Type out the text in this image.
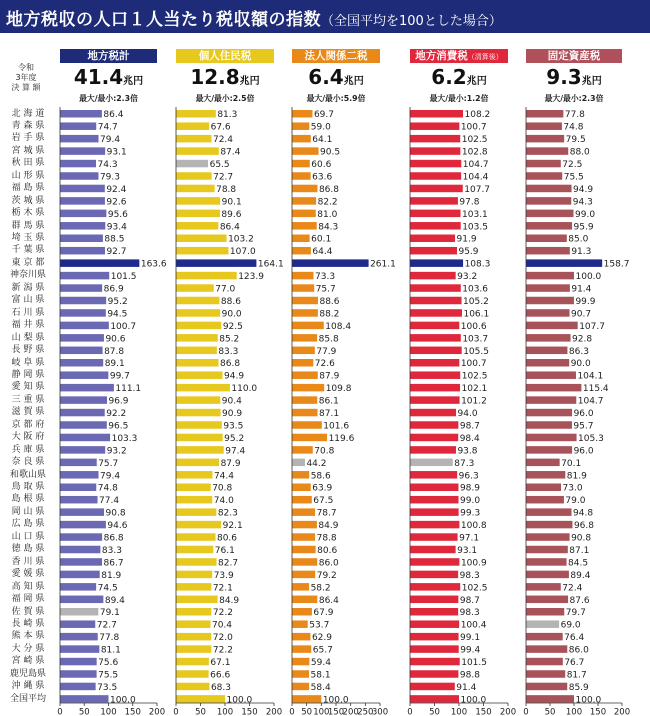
地方税収の人口１人当たり税収額の指数（全国平均を100とした場合）
令和
3年度
決 算 額
地方税計
41.4兆円
最大/最小:2.3倍
個人住民税
12.8兆円
最大/最小:2.5倍
法人関係二税
6.4兆円
最大/最小:5.9倍
地方消費税（清算後）
6.2兆円
最大/最小:1.2倍
固定資産税
9.3兆円
最大/最小:2.3倍
北 海 道
青 森 県
岩 手 県
宮 城 県
秋 田 県
山 形 県
福 島 県
茨 城 県
栃 木 県
群 馬 県
埼 玉 県
千 葉 県
東 京 都
神奈川県
新 潟 県
富 山 県
石 川 県
福 井 県
山 梨 県
長 野 県
岐 阜 県
静 岡 県
愛 知 県
三 重 県
滋 賀 県
京 都 府
大 阪 府
兵 庫 県
奈 良 県
和歌山県
鳥 取 県
島 根 県
岡 山 県
広 島 県
山 口 県
徳 島 県
香 川 県
愛 媛 県
高 知 県
福 岡 県
佐 賀 県
長 崎 県
熊 本 県
大 分 県
宮 崎 県
鹿児島県
沖 縄 県
全国平均
86.4
74.7
79.4
93.1
74.3
79.3
92.4
92.6
95.6
93.4
88.5
92.7
163.6
101.5
86.9
95.2
94.5
100.7
90.6
87.8
89.1
99.7
111.1
96.9
92.2
96.5
103.3
93.2
75.7
79.4
74.8
77.4
90.8
94.6
86.8
83.3
86.7
81.9
74.5
89.4
79.1
72.7
77.8
81.1
75.6
75.5
73.5
100.0
0 50 100 150 200
81.3
67.6
72.4
87.4
65.5
72.7
78.8
90.1
89.6
86.4
103.2
107.0
164.1
123.9
77.0
88.6
90.0
92.5
85.2
83.3
86.8
94.9
110.0
90.4
90.9
93.5
95.2
97.4
87.9
74.4
70.8
74.0
82.3
92.1
80.6
76.1
82.7
73.9
72.1
84.9
72.2
70.4
72.0
72.2
67.1
66.6
68.3
100.0
0 50 100 150 200
69.7
59.0
64.1
90.5
60.6
63.6
86.8
82.2
81.0
84.3
60.1
64.4
261.1
73.3
75.7
88.6
88.2
108.4
85.8
77.9
72.6
87.9
109.8
86.1
87.1
101.6
119.6
70.8
44.2
58.6
63.9
67.5
78.7
84.9
78.8
80.6
86.0
79.2
58.2
86.4
67.9
53.7
62.9
65.7
59.4
58.1
58.4
100.0
0 50 100
150
200
250
300
108.2
100.7
102.5
102.8
104.7
104.4
107.7
97.8
103.1
103.5
91.9
95.9
108.3
93.2
103.6
105.2
106.1
100.6
103.7
105.5
100.7
102.5
102.1
101.2
94.0
98.7
98.4
93.8
87.3
96.3
98.9
99.0
99.3
100.8
97.1
93.1
100.9
98.3
102.5
98.7
98.3
100.4
99.1
99.4
101.5
98.8
91.4
100.0
0 50 100 150 200
77.8
74.8
79.5
88.0
72.5
75.5
94.9
94.3
99.0
95.9
85.0
91.3
158.7
100.0
91.4
99.9
90.7
107.7
92.8
86.3
90.0
104.1
115.4
104.7
96.0
95.7
105.3
96.0
70.1
81.9
73.0
79.0
94.8
96.8
90.8
87.1
84.5
89.4
72.4
87.6
79.7
69.0
76.4
86.0
76.7
81.7
85.9
100.0
0 50 100 150 200
